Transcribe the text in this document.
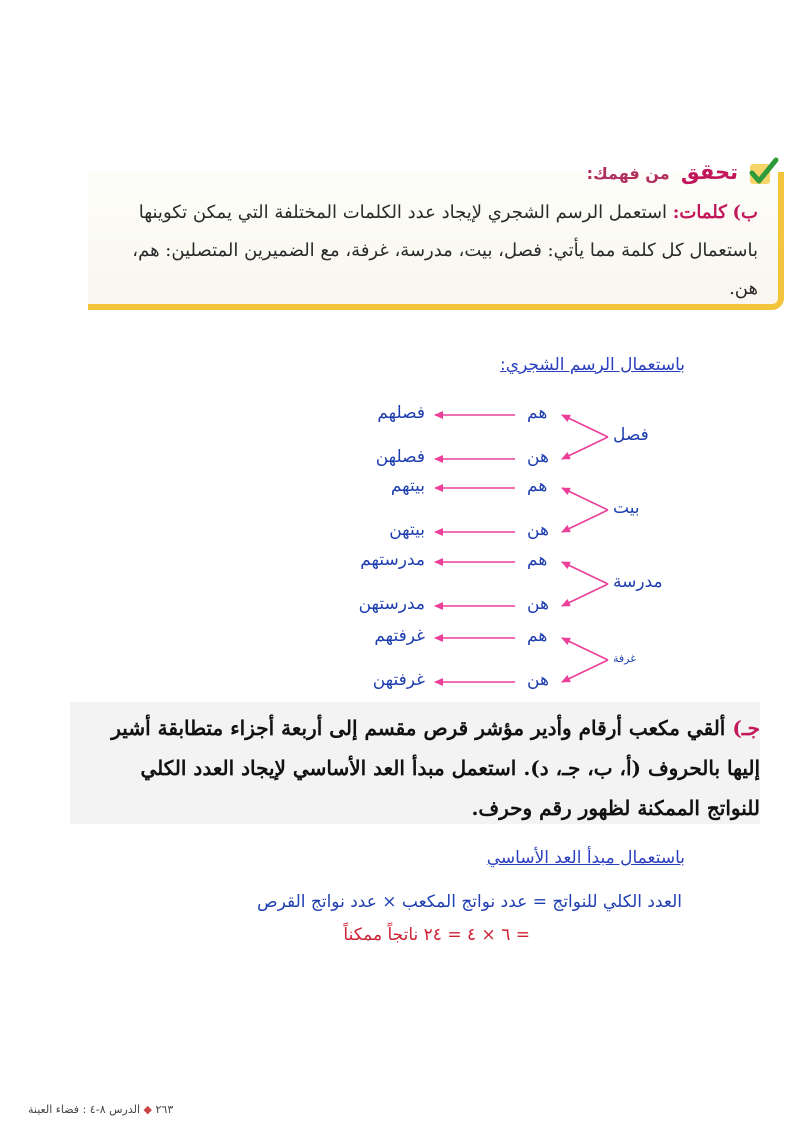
تحقق من فهمك:
ب) كلمات: استعمل الرسم الشجري لإيجاد عدد الكلمات المختلفة التي يمكن تكوينها باستعمال كل كلمة مما يأتي: فصل، بيت، مدرسة، غرفة، مع الضميرين المتصلين: هم، هن.
باستعمال الرسم الشجري:
فصل
هم
فصلهم
هن
فصلهن
بيت
هم
بيتهم
هن
بيتهن
مدرسة
هم
مدرستهم
هن
مدرستهن
غرفة
هم
غرفتهم
هن
غرفتهن
جـ) ألقي مكعب أرقام وأدير مؤشر قرص مقسم إلى أربعة أجزاء متطابقة أشير إليها بالحروف (أ، ب، جـ، د). استعمل مبدأ العد الأساسي لإيجاد العدد الكلي للنواتج الممكنة لظهور رقم وحرف.
باستعمال مبدأ العد الأساسي
العدد الكلي للنواتج = عدد نواتج المكعب × عدد نواتج القرص
= ٦ × ٤ = ٢٤ ناتجاً ممكناً
٢٦٣ ◆ الدرس ٨-٤ : فضاء العينة
